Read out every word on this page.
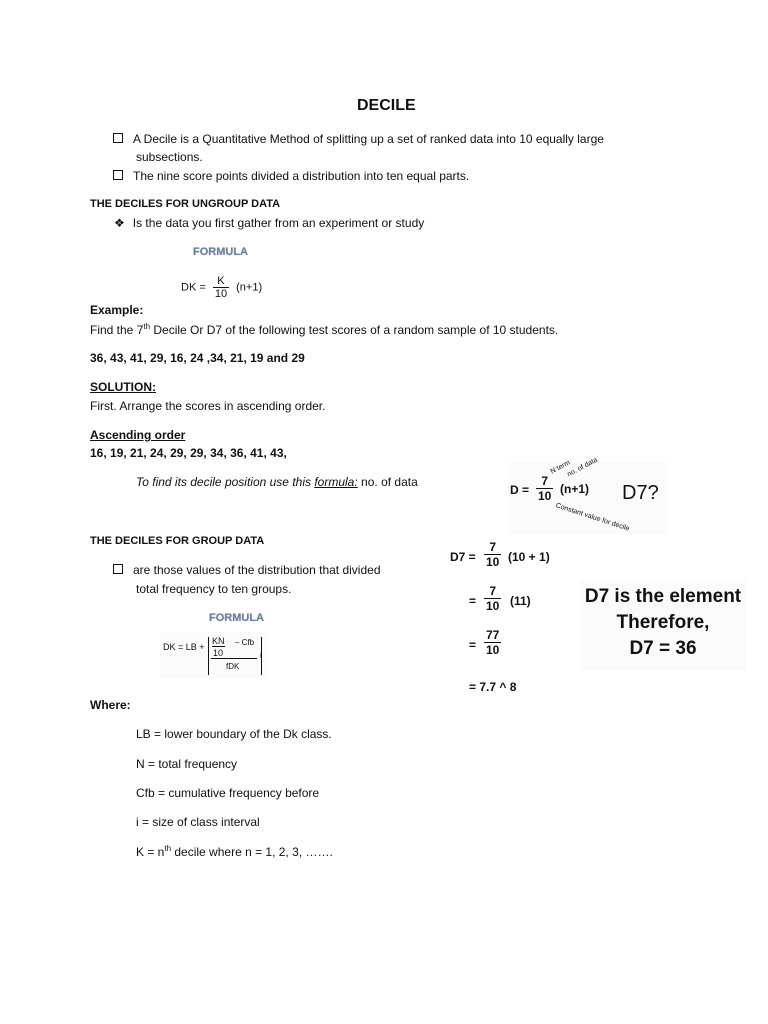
DECILE
A Decile is a Quantitative Method of splitting up a set of ranked data into 10 equally large
subsections.
The nine score points divided a distribution into ten equal parts.
THE DECILES FOR UNGROUP DATA
❖ Is the data you first gather from an experiment or study
FORMULA
DK = $\frac{K}{10} (n+1)$
Example:
Find the 7th Decile Or D7 of the following test scores of a random sample of 10 students.
36, 43, 41, 29, 16, 24 ,34, 21, 19 and 29
SOLUTION:
First. Arrange the scores in ascending order.
Ascending order
16, 19, 21, 24, 29, 29, 34, 36, 41, 43,
To find its decile position use this formula: no. of data
$D = \frac{7}{10} (n+1)$ D7?
N term
no. of data
Constant value for decile
THE DECILES FOR GROUP DATA
are those values of the distribution that divided
total frequency to ten groups.
FORMULA
DK = LB +
KN – Cfb
10
fDK
i
$D7 = \frac{7}{10} (10 + 1)$
= $\frac{7}{10} (11)$
= $\frac{77}{10}$
= 7.7 ^ 8
D7 is the element
Therefore,
D7 = 36
Where:
LB = lower boundary of the Dk class.
N = total frequency
Cfb = cumulative frequency before
i = size of class interval
$K = n^{th}$ decile where n = 1, 2, 3, …….
